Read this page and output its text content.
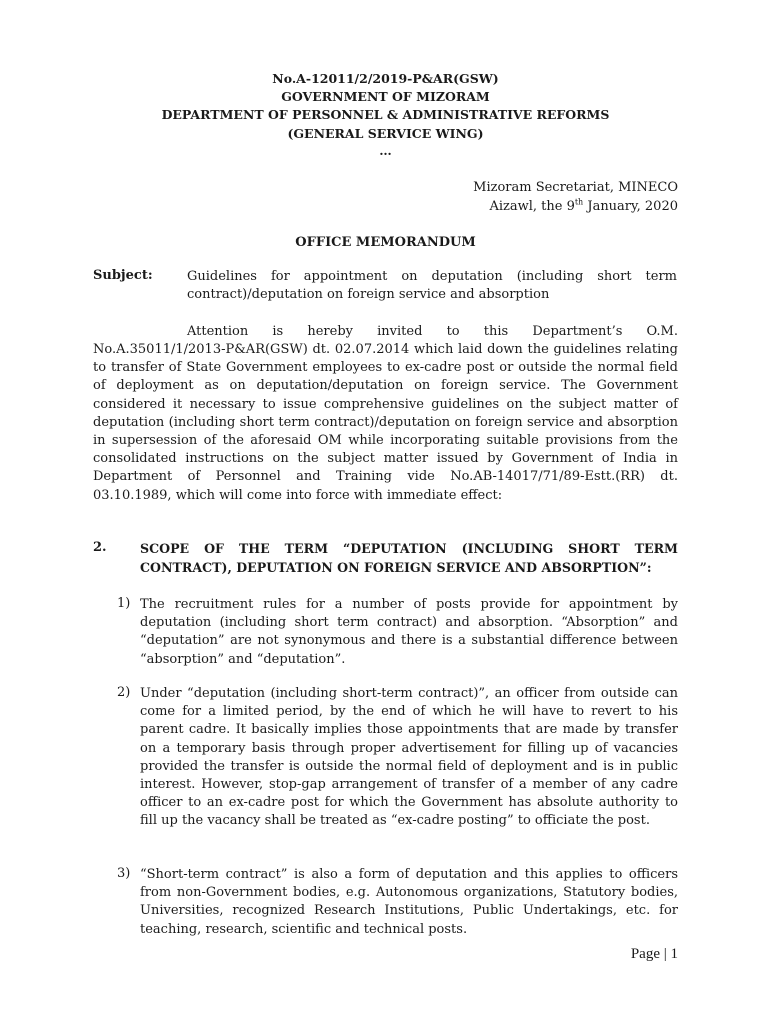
No.A-12011/2/2019-P&AR(GSW)
GOVERNMENT OF MIZORAM
DEPARTMENT OF PERSONNEL & ADMINISTRATIVE REFORMS
(GENERAL SERVICE WING)
…
Mizoram Secretariat, MINECO
Aizawl, the 9th January, 2020
OFFICE MEMORANDUM
Subject:	Guidelines for appointment on deputation (including short term contract)/deputation on foreign service and absorption
Attention is hereby invited to this Department’s O.M.
No.A.35011/1/2013-P&AR(GSW) dt. 02.07.2014 which laid down the guidelines relating to transfer of State Government employees to ex-cadre post or outside the normal field of deployment as on deputation/deputation on foreign service. The Government considered it necessary to issue comprehensive guidelines on the subject matter of deputation (including short term contract)/deputation on foreign service and absorption in supersession of the aforesaid OM while incorporating suitable provisions from the consolidated instructions on the subject matter issued by Government of India in Department of Personnel and Training vide No.AB-14017/71/89-Estt.(RR) dt. 03.10.1989, which will come into force with immediate effect:
2.	SCOPE OF THE TERM “DEPUTATION (INCLUDING SHORT TERM CONTRACT), DEPUTATION ON FOREIGN SERVICE AND ABSORPTION”:
1) The recruitment rules for a number of posts provide for appointment by deputation (including short term contract) and absorption. “Absorption” and “deputation” are not synonymous and there is a substantial difference between “absorption” and “deputation”.
2) Under “deputation (including short-term contract)”, an officer from outside can come for a limited period, by the end of which he will have to revert to his parent cadre. It basically implies those appointments that are made by transfer on a temporary basis through proper advertisement for filling up of vacancies provided the transfer is outside the normal field of deployment and is in public interest. However, stop-gap arrangement of transfer of a member of any cadre officer to an ex-cadre post for which the Government has absolute authority to fill up the vacancy shall be treated as “ex-cadre posting” to officiate the post.
3) “Short-term contract” is also a form of deputation and this applies to officers from non-Government bodies, e.g. Autonomous organizations, Statutory bodies, Universities, recognized Research Institutions, Public Undertakings, etc. for teaching, research, scientific and technical posts.
Page | 1
